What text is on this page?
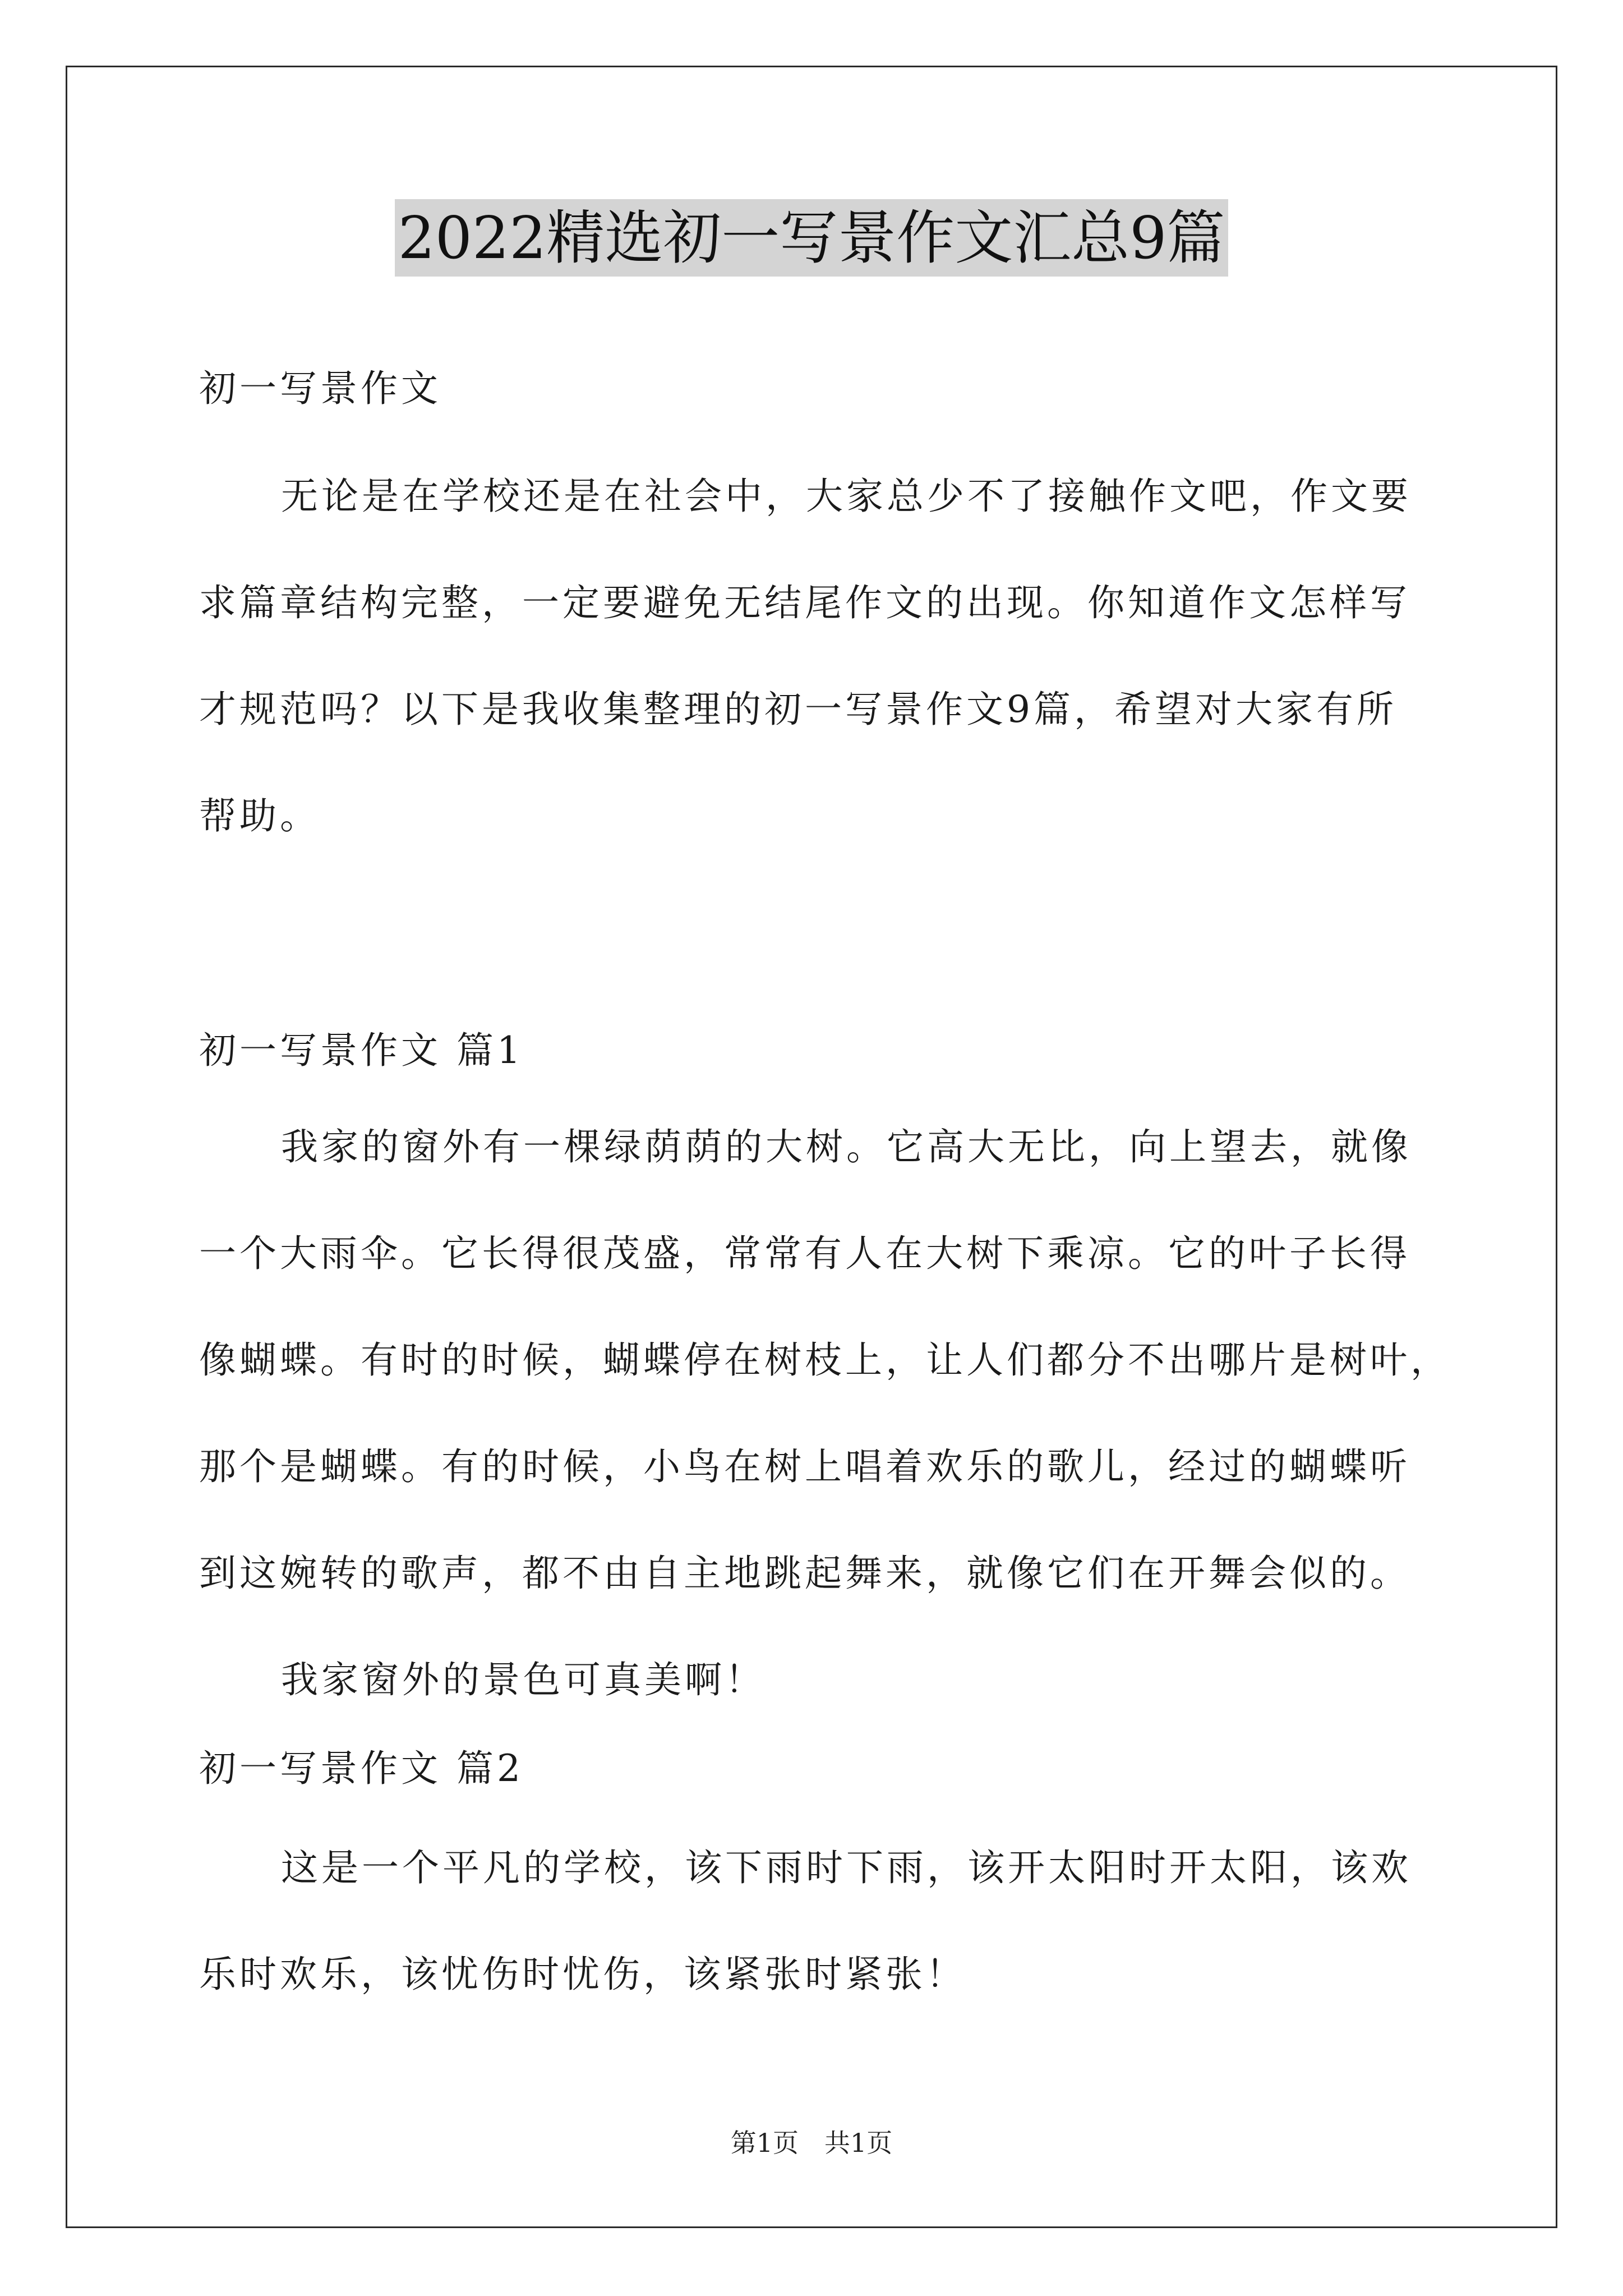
2022精选初一写景作文汇总9篇
初一写景作文
无论是在学校还是在社会中，大家总少不了接触作文吧，作文要
求篇章结构完整，一定要避免无结尾作文的出现。你知道作文怎样写
才规范吗？以下是我收集整理的初一写景作文9篇，希望对大家有所
帮助。
初一写景作文 篇1
我家的窗外有一棵绿荫荫的大树。它高大无比，向上望去，就像
一个大雨伞。它长得很茂盛，常常有人在大树下乘凉。它的叶子长得
像蝴蝶。有时的时候，蝴蝶停在树枝上，让人们都分不出哪片是树叶，
那个是蝴蝶。有的时候，小鸟在树上唱着欢乐的歌儿，经过的蝴蝶听
到这婉转的歌声，都不由自主地跳起舞来，就像它们在开舞会似的。
我家窗外的景色可真美啊！
初一写景作文 篇2
这是一个平凡的学校，该下雨时下雨，该开太阳时开太阳，该欢
乐时欢乐，该忧伤时忧伤，该紧张时紧张！
第1页 共1页
